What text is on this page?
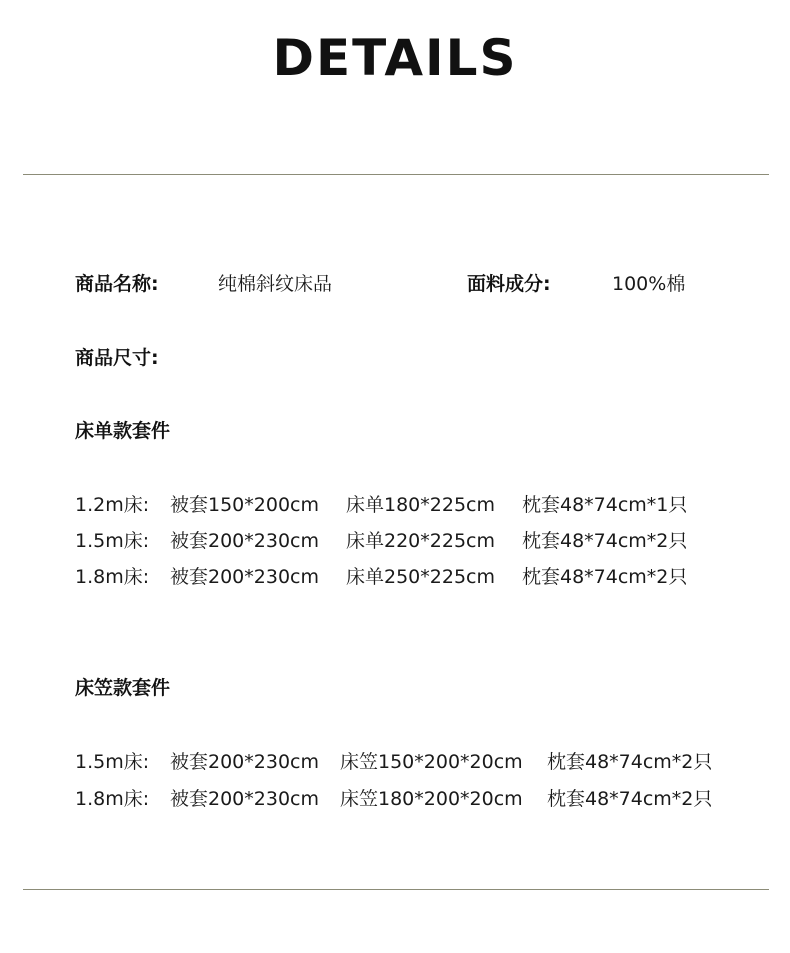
DETAILS
商品名称:	纯棉斜纹床品	面料成分:	100%棉
商品尺寸:
床单款套件
1.2m床: 被套150*200cm 床单180*225cm 枕套48*74cm*1只
1.5m床: 被套200*230cm 床单220*225cm 枕套48*74cm*2只
1.8m床: 被套200*230cm 床单250*225cm 枕套48*74cm*2只
床笠款套件
1.5m床: 被套200*230cm 床笠150*200*20cm 枕套48*74cm*2只
1.8m床: 被套200*230cm 床笠180*200*20cm 枕套48*74cm*2只
